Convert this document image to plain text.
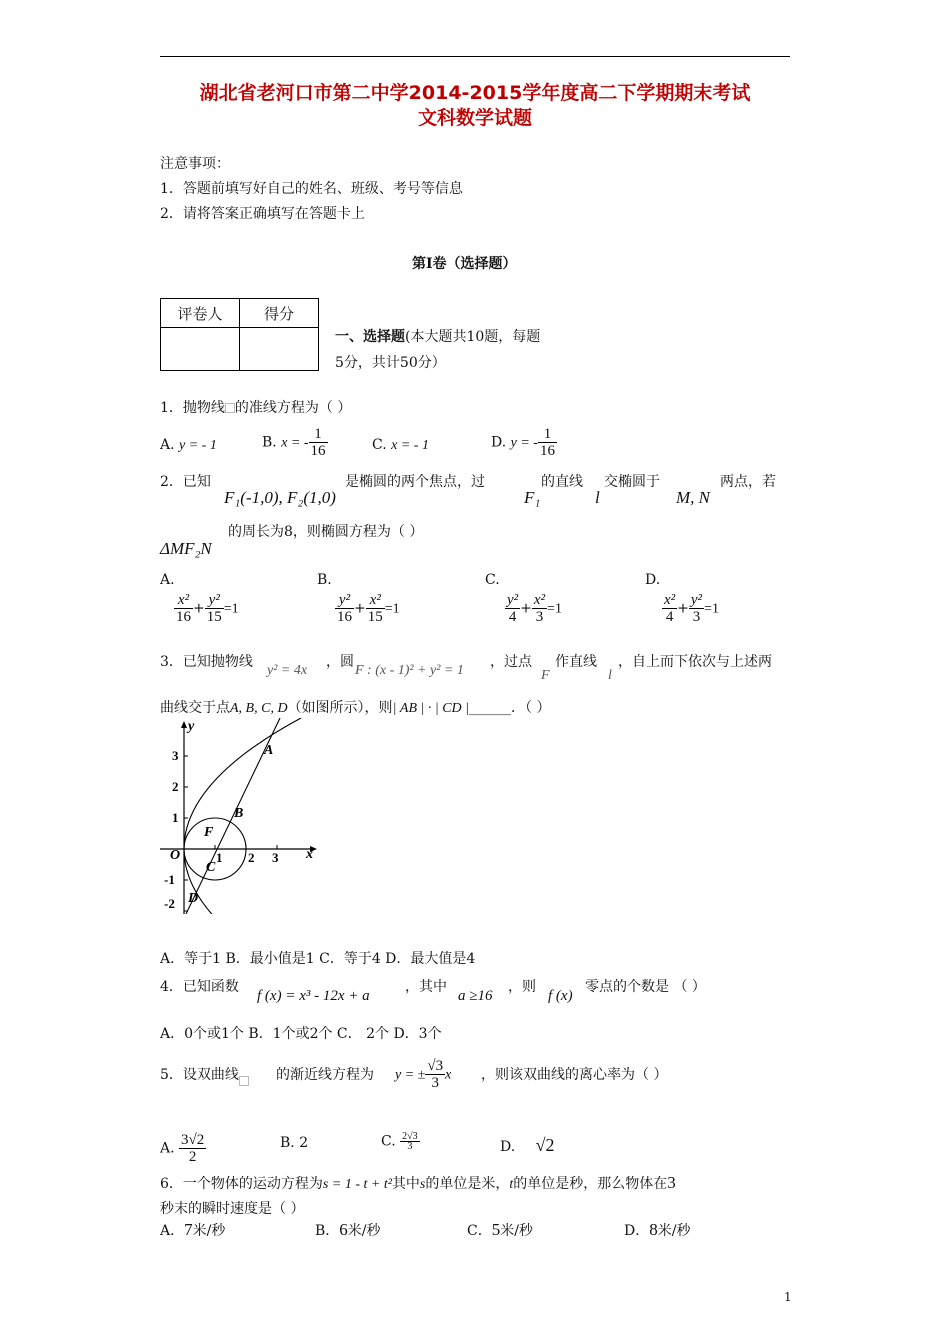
湖北省老河口市第二中学2014-2015学年度高二下学期期末考试
文科数学试题
注意事项：
1．答题前填写好自己的姓名、班级、考号等信息
2．请将答案正确填写在答题卡上
第I卷（选择题）
评卷人	得分

一、选择题(本大题共10题，每题
5分，共计50分）
1．抛物线 的准线方程为（ ）
A. y = - 1	B. x = - $\frac{1}{16}$	C. x = - 1	D. y = - $\frac{1}{16}$
2．已知
F₁(-1,0), F₂(1,0)
是椭圆的两个焦点，过
F₁
的直线
l
交椭圆于
M, N
两点，若
的周长为8，则椭圆方程为（ ）
ΔMF₂N
A.
$\frac{\text{x²}}{16} + \frac{\text{y²}}{15} =1$
B.
$\frac{\text{y²}}{16} + \frac{\text{x²}}{15} =1$
C.
$\frac{\text{y²}}{4} + \frac{\text{x²}}{3} =1$
D.
$\frac{\text{x²}}{4} + \frac{\text{y²}}{3} =1$
3．已知抛物线
y² = 4x
，圆
F : (x - 1)² + y² = 1
，过点
F
作直线
l
，自上而下依次与上述两
曲线交于点A, B, C, D（如图所示），则| AB | · | CD |______．（ ）
y
x
O
A
B
F
C
D
3
2
1
-1
-2
1 2 3
A．等于1 B．最小值是1 C．等于4 D．最大值是4
4．已知函数
f (x) = x³ - 12x + a
，其中
a ≥16
，则
f (x)
零点的个数是 （ ）
A．0个或1个 B．1个或2个 C． 2个 D．3个
5．设双曲线	的渐近线方程为 y = ± $\frac{√3}{3}$ x ，则该双曲线的离心率为（ ）
A. $\frac{3√2}{2}$	B. 2	C. $\frac{2√3}{3}$	D. √2
6．一个物体的运动方程为s = 1 - t + t²其中s的单位是米，t的单位是秒，那么物体在3
秒末的瞬时速度是（ ）
A．7米/秒	B．6米/秒	C．5米/秒	D．8米/秒
1
